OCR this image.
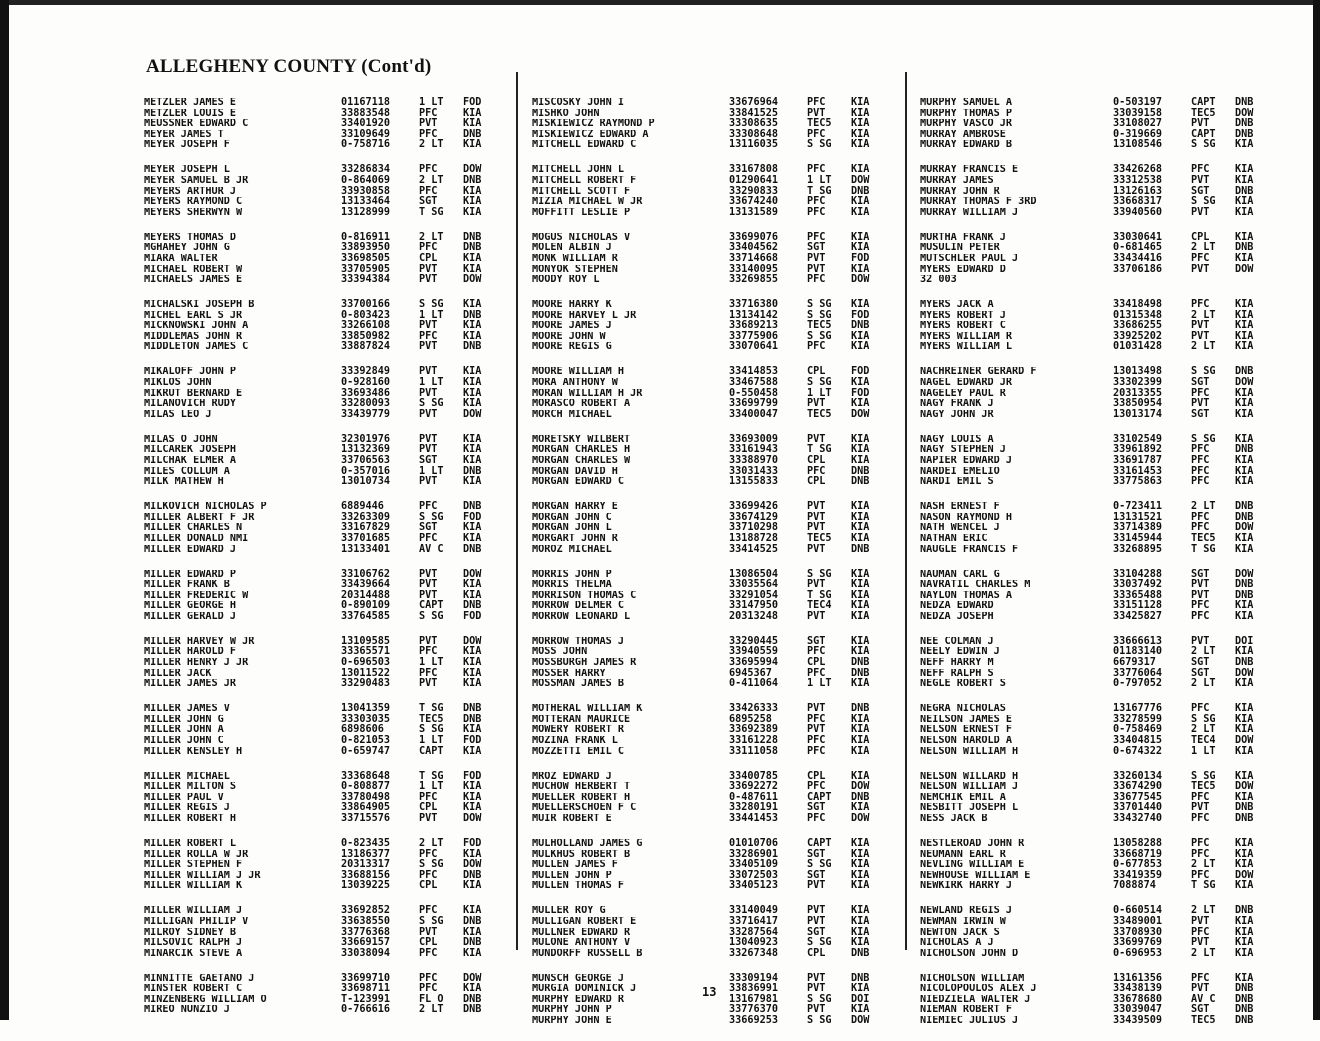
ALLEGHENY COUNTY (Cont'd)
METZLER JAMES E	01167118	1 LT	FOD
METZLER LOUIS E	33883548	PFC	KIA
MEUSSNER EDWARD C	33401920	PVT	KIA
MEYER JAMES T	33109649	PFC	DNB
MEYER JOSEPH F	0-758716	2 LT	KIA
MEYER JOSEPH L	33286834	PFC	DOW
MEYER SAMUEL B JR	0-864069	2 LT	DNB
MEYERS ARTHUR J	33930858	PFC	KIA
MEYERS RAYMOND C	13133464	SGT	KIA
MEYERS SHERWYN W	13128999	T SG	KIA
MEYERS THOMAS D	0-816911	2 LT	DNB
MGHAHEY JOHN G	33893950	PFC	DNB
MIARA WALTER	33698505	CPL	KIA
MICHAEL ROBERT W	33705905	PVT	KIA
MICHAELS JAMES E	33394384	PVT	DOW
MICHALSKI JOSEPH B	33700166	S SG	KIA
MICHEL EARL S JR	0-803423	1 LT	DNB
MICKNOWSKI JOHN A	33266108	PVT	KIA
MIDDLEMAS JOHN R	33850982	PFC	KIA
MIDDLETON JAMES C	33887824	PVT	DNB
MIKALOFF JOHN P	33392849	PVT	KIA
MIKLOS JOHN	0-928160	1 LT	KIA
MIKRUT BERNARD E	33693486	PVT	KIA
MILANOVICH RUDY	33280093	S SG	KIA
MILAS LEO J	33439779	PVT	DOW
MILAS O JOHN	32301976	PVT	KIA
MILCAREK JOSEPH	13132369	PVT	KIA
MILCHAK ELMER A	33706563	SGT	KIA
MILES COLLUM A	0-357016	1 LT	DNB
MILK MATHEW H	13010734	PVT	KIA
MILKOVICH NICHOLAS P	6889446	PFC	DNB
MILLER ALBERT F JR	33263309	S SG	FOD
MILLER CHARLES N	33167829	SGT	KIA
MILLER DONALD NMI	33701685	PFC	KIA
MILLER EDWARD J	13133401	AV C	DNB
MILLER EDWARD P	33106762	PVT	DOW
MILLER FRANK B	33439664	PVT	KIA
MILLER FREDERIC W	20314488	PVT	KIA
MILLER GEORGE H	0-890109	CAPT	DNB
MILLER GERALD J	33764585	S SG	FOD
MILLER HARVEY W JR	13109585	PVT	DOW
MILLER HAROLD F	33365571	PFC	KIA
MILLER HENRY J JR	0-696503	1 LT	KIA
MILLER JACK	13011522	PFC	KIA
MILLER JAMES JR	33290483	PVT	KIA
MILLER JAMES V	13041359	T SG	DNB
MILLER JOHN G	33303035	TEC5	DNB
MILLER JOHN A	6898606	S SG	KIA
MILLER JOHN C	0-821053	1 LT	FOD
MILLER KENSLEY H	0-659747	CAPT	KIA
MILLER MICHAEL	33368648	T SG	FOD
MILLER MILTON S	0-808877	1 LT	KIA
MILLER PAUL V	33780498	PFC	KIA
MILLER REGIS J	33864905	CPL	KIA
MILLER ROBERT H	33715576	PVT	DOW
MILLER ROBERT L	0-823435	2 LT	FOD
MILLER ROLLA W JR	13186377	PFC	KIA
MILLER STEPHEN F	20313317	S SG	DOW
MILLER WILLIAM J JR	33688156	PFC	DNB
MILLER WILLIAM K	13039225	CPL	KIA
MILLER WILLIAM J	33692852	PFC	KIA
MILLIGAN PHILIP V	33638550	S SG	DNB
MILROY SIDNEY B	33776368	PVT	KIA
MILSOVIC RALPH J	33669157	CPL	DNB
MINARCIK STEVE A	33038094	PFC	KIA
MINNITTE GAETANO J	33699710	PFC	DOW
MINSTER ROBERT C	33698711	PFC	KIA
MINZENBERG WILLIAM O	T-123991	FL O	DNB
MIREO NUNZIO J	0-766616	2 LT	DNB
MISCOSKY JOHN I	33676964	PFC	KIA
MISHKO JOHN	33841525	PVT	KIA
MISKIEWICZ RAYMOND P	33308635	TEC5	KIA
MISKIEWICZ EDWARD A	33308648	PFC	KIA
MITCHELL EDWARD C	13116035	S SG	KIA
MITCHELL JOHN L	33167808	PFC	KIA
MITCHELL ROBERT F	01290641	1 LT	DOW
MITCHELL SCOTT F	33290833	T SG	DNB
MIZIA MICHAEL W JR	33674240	PFC	KIA
MOFFITT LESLIE P	13131589	PFC	KIA
MOGUS NICHOLAS V	33699076	PFC	KIA
MOLEN ALBIN J	33404562	SGT	KIA
MONK WILLIAM R	33714668	PVT	FOD
MONYOK STEPHEN	33140095	PVT	KIA
MOODY ROY L	33269855	PFC	DOW
MOORE HARRY K	33716380	S SG	KIA
MOORE HARVEY L JR	13134142	S SG	FOD
MOORE JAMES J	33689213	TEC5	DNB
MOORE JOHN W	33775906	S SG	KIA
MOORE REGIS G	33070641	PFC	KIA
MOORE WILLIAM H	33414853	CPL	FOD
MORA ANTHONY W	33467588	S SG	KIA
MORAN WILLIAM H JR	0-550458	1 LT	FOD
MORASCO ROBERT A	33699799	PVT	KIA
MORCH MICHAEL	33400047	TEC5	DOW
MORETSKY WILBERT	33693009	PVT	KIA
MORGAN CHARLES H	33161943	T SG	KIA
MORGAN CHARLES W	33388970	CPL	KIA
MORGAN DAVID H	33031433	PFC	DNB
MORGAN EDWARD C	13155833	CPL	DNB
MORGAN HARRY E	33699426	PVT	KIA
MORGAN JOHN C	33674129	PVT	KIA
MORGAN JOHN L	33710298	PVT	KIA
MORGART JOHN R	13188728	TEC5	KIA
MOROZ MICHAEL	33414525	PVT	DNB
MORRIS JOHN P	13086504	S SG	KIA
MORRIS THELMA	33035564	PVT	KIA
MORRISON THOMAS C	33291054	T SG	KIA
MORROW DELMER C	33147950	TEC4	KIA
MORROW LEONARD L	20313248	PVT	KIA
MORROW THOMAS J	33290445	SGT	KIA
MOSS JOHN	33940559	PFC	KIA
MOSSBURGH JAMES R	33695994	CPL	DNB
MOSSER HARRY	6945367	PFC	DNB
MOSSMAN JAMES B	0-411064	1 LT	KIA
MOTHERAL WILLIAM K	33426333	PVT	DNB
MOTTERAN MAURICE	6895258	PFC	KIA
MOWERY ROBERT R	33692389	PVT	KIA
MOZINA FRANK L	33161228	PFC	KIA
MOZZETTI EMIL C	33111058	PFC	KIA
MROZ EDWARD J	33400785	CPL	KIA
MUCHOW HERBERT T	33692272	PFC	DOW
MUELLER ROBERT H	0-487611	CAPT	DNB
MUELLERSCHOEN F C	33280191	SGT	KIA
MUIR ROBERT E	33441453	PFC	DOW
MULHOLLAND JAMES G	01010706	CAPT	KIA
MULKHUS ROBERT B	33286901	SGT	KIA
MULLEN JAMES F	33405109	S SG	KIA
MULLEN JOHN P	33072503	SGT	KIA
MULLEN THOMAS F	33405123	PVT	KIA
MULLER ROY G	33140049	PVT	KIA
MULLIGAN ROBERT E	33716417	PVT	KIA
MULLNER EDWARD R	33287564	SGT	KIA
MULONE ANTHONY V	13040923	S SG	KIA
MUNDORFF RUSSELL B	33267348	CPL	DNB
MUNSCH GEORGE J	33309194	PVT	DNB
MURGIA DOMINICK J	33836991	PVT	KIA
MURPHY EDWARD R	13167981	S SG	DOI
MURPHY JOHN P	33776370	PVT	KIA
MURPHY JOHN E	33669253	S SG	DOW
MURPHY SAMUEL A	0-503197	CAPT	DNB
MURPHY THOMAS P	33039158	TEC5	DOW
MURPHY VASCO JR	33108027	PVT	DNB
MURRAY AMBROSE	0-319669	CAPT	DNB
MURRAY EDWARD B	13108546	S SG	KIA
MURRAY FRANCIS E	33426268	PFC	KIA
MURRAY JAMES	33312538	PVT	KIA
MURRAY JOHN R	13126163	SGT	DNB
MURRAY THOMAS F 3RD	33668317	S SG	KIA
MURRAY WILLIAM J	33940560	PVT	KIA
MURTHA FRANK J	33030641	CPL	KIA
MUSULIN PETER	0-681465	2 LT	DNB
MUTSCHLER PAUL J	33434416	PFC	KIA
MYERS EDWARD D	33706186	PVT	DOW
32 003
MYERS JACK A	33418498	PFC	KIA
MYERS ROBERT J	01315348	2 LT	KIA
MYERS ROBERT C	33686255	PVT	KIA
MYERS WILLIAM R	33925202	PVT	KIA
MYERS WILLIAM L	01031428	2 LT	KIA
NACHREINER GERARD F	13013498	S SG	DNB
NAGEL EDWARD JR	33302399	SGT	DOW
NAGELEY PAUL R	20313355	PFC	KIA
NAGY FRANK J	33850954	PVT	KIA
NAGY JOHN JR	13013174	SGT	KIA
NAGY LOUIS A	33102549	S SG	KIA
NAGY STEPHEN J	33961892	PFC	DNB
NAPIER EDWARD J	33691787	PFC	KIA
NARDEI EMELIO	33161453	PFC	KIA
NARDI EMIL S	33775863	PFC	KIA
NASH ERNEST F	0-723411	2 LT	DNB
NASON RAYMOND H	13131521	PFC	DNB
NATH WENCEL J	33714389	PFC	DOW
NATHAN ERIC	33145944	TEC5	KIA
NAUGLE FRANCIS F	33268895	T SG	KIA
NAUMAN CARL G	33104288	SGT	DOW
NAVRATIL CHARLES M	33037492	PVT	DNB
NAYLON THOMAS A	33365488	PVT	DNB
NEDZA EDWARD	33151128	PFC	KIA
NEDZA JOSEPH	33425827	PFC	KIA
NEE COLMAN J	33666613	PVT	DOI
NEELY EDWIN J	01183140	2 LT	KIA
NEFF HARRY M	6679317	SGT	DNB
NEFF RALPH S	33776064	SGT	DOW
NEGLE ROBERT S	0-797052	2 LT	KIA
NEGRA NICHOLAS	13167776	PFC	KIA
NEILSON JAMES E	33278599	S SG	KIA
NELSON ERNEST F	0-758469	2 LT	KIA
NELSON HAROLD A	33404815	TEC4	DOW
NELSON WILLIAM H	0-674322	1 LT	KIA
NELSON WILLARD H	33260134	S SG	KIA
NELSON WILLIAM J	33674290	TEC5	DOW
NEMCHIK EMIL A	33677545	PFC	KIA
NESBITT JOSEPH L	33701440	PVT	DNB
NESS JACK B	33432740	PFC	DNB
NESTLEROAD JOHN R	13058288	PFC	KIA
NEUMANN EARL R	33668719	PFC	KIA
NEVLING WILLIAM E	0-677853	2 LT	KIA
NEWHOUSE WILLIAM E	33419359	PFC	DOW
NEWKIRK HARRY J	7088874	T SG	KIA
NEWLAND REGIS J	0-660514	2 LT	DNB
NEWMAN IRWIN W	33489001	PVT	KIA
NEWTON JACK S	33708930	PFC	KIA
NICHOLAS A J	33699769	PVT	KIA
NICHOLSON JOHN D	0-696953	2 LT	KIA
NICHOLSON WILLIAM	13161356	PFC	KIA
NICOLOPOULOS ALEX J	33438139	PVT	DNB
NIEDZIELA WALTER J	33678680	AV C	DNB
NIEMAN ROBERT F	33039047	SGT	DNB
NIEMIEC JULIUS J	33439509	TEC5	DNB
13
